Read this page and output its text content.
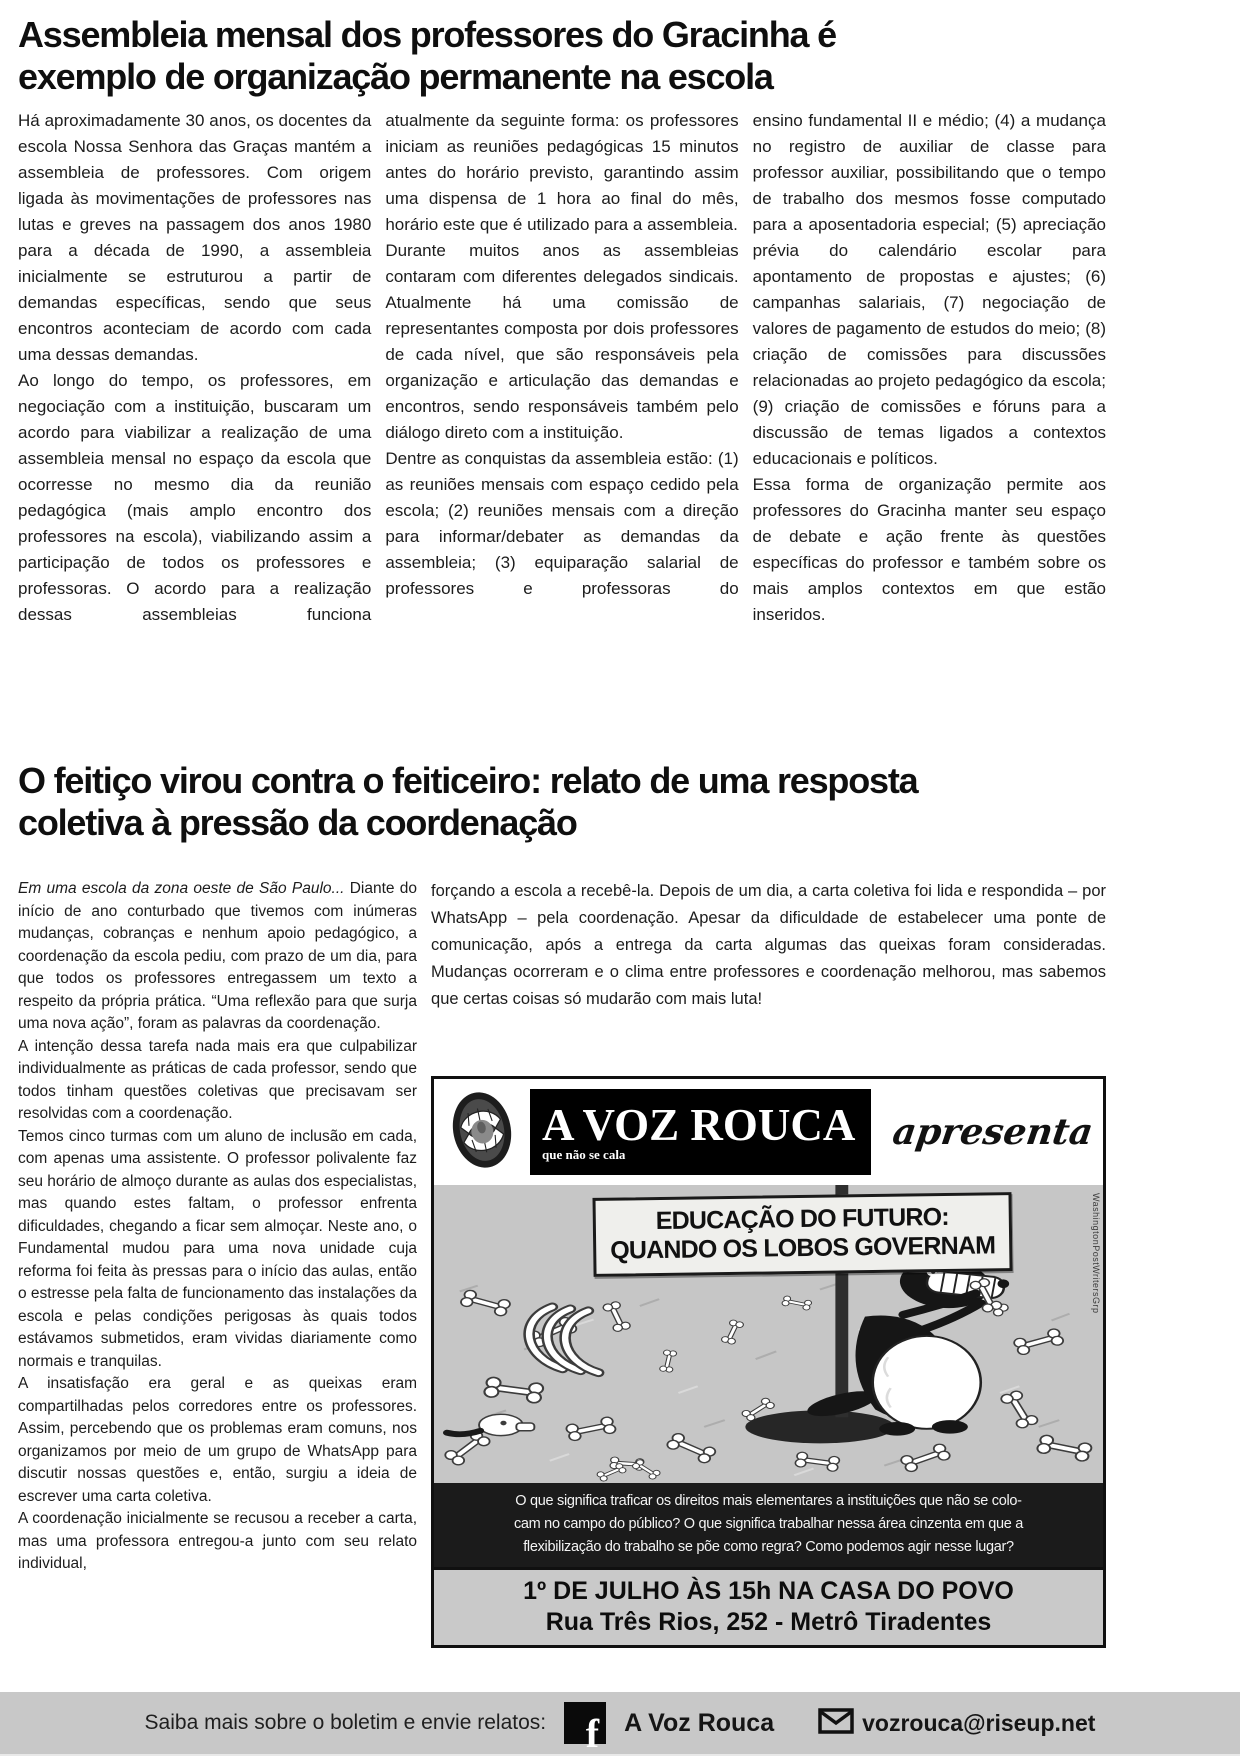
Assembleia mensal dos professores do Gracinha é
exemplo de organização permanente na escola

Há aproximadamente 30 anos, os docentes da escola Nossa Senhora das Graças mantém a assembleia de professores. Com origem ligada às movimentações de professores nas lutas e greves na passagem dos anos 1980 para a década de 1990, a assembleia inicialmente se estruturou a partir de demandas específicas, sendo que seus encontros aconteciam de acordo com cada uma dessas demandas.

Ao longo do tempo, os professores, em negociação com a instituição, buscaram um acordo para viabilizar a realização de uma assembleia mensal no espaço da escola que ocorresse no mesmo dia da reunião pedagógica (mais amplo encontro dos professores na escola), viabilizando assim a participação de todos os professores e professoras. O acordo para a realização dessas assembleias funciona

atualmente da seguinte forma: os professores iniciam as reuniões pedagógicas 15 minutos antes do horário previsto, garantindo assim uma dispensa de 1 hora ao final do mês, horário este que é utilizado para a assembleia.

Durante muitos anos as assembleias contaram com diferentes delegados sindicais. Atualmente há uma comissão de representantes composta por dois professores de cada nível, que são responsáveis pela organização e articulação das demandas e encontros, sendo responsáveis também pelo diálogo direto com a instituição.

Dentre as conquistas da assembleia estão: (1) as reuniões mensais com espaço cedido pela escola; (2) reuniões mensais com a direção para informar/debater as demandas da assembleia; (3) equiparação salarial de professores e professoras do

ensino fundamental II e médio; (4) a mudança no registro de auxiliar de classe para professor auxiliar, possibilitando que o tempo de trabalho dos mesmos fosse computado para a aposentadoria especial; (5) apreciação prévia do calendário escolar para apontamento de propostas e ajustes; (6) campanhas salariais, (7) negociação de valores de pagamento de estudos do meio; (8) criação de comissões para discussões relacionadas ao projeto pedagógico da escola; (9) criação de comissões e fóruns para a discussão de temas ligados a contextos educacionais e políticos.

Essa forma de organização permite aos professores do Gracinha manter seu espaço de debate e ação frente às questões específicas do professor e também sobre os mais amplos contextos em que estão inseridos.

O feitiço virou contra o feiticeiro: relato de uma resposta
coletiva à pressão da coordenação

Em uma escola da zona oeste de São Paulo... Diante do início de ano conturbado que tivemos com inúmeras mudanças, cobranças e nenhum apoio pedagógico, a coordenação da escola pediu, com prazo de um dia, para que todos os professores entregassem um texto a respeito da própria prática. “Uma reflexão para que surja uma nova ação”, foram as palavras da coordenação.

A intenção dessa tarefa nada mais era que culpabilizar individualmente as práticas de cada professor, sendo que todos tinham questões coletivas que precisavam ser resolvidas com a coordenação.

Temos cinco turmas com um aluno de inclusão em cada, com apenas uma assistente. O professor polivalente faz seu horário de almoço durante as aulas dos especialistas, mas quando estes faltam, o professor enfrenta dificuldades, chegando a ficar sem almoçar. Neste ano, o Fundamental mudou para uma nova unidade cuja reforma foi feita às pressas para o início das aulas, então o estresse pela falta de funcionamento das instalações da escola e pelas condições perigosas às quais todos estávamos submetidos, eram vividas diariamente como normais e tranquilas.

A insatisfação era geral e as queixas eram compartilhadas pelos corredores entre os professores. Assim, percebendo que os problemas eram comuns, nos organizamos por meio de um grupo de WhatsApp para discutir nossas questões e, então, surgiu a ideia de escrever uma carta coletiva.

A coordenação inicialmente se recusou a receber a carta, mas uma professora entregou-a junto com seu relato individual,

forçando a escola a recebê-la. Depois de um dia, a carta coletiva foi lida e respondida – por WhatsApp – pela coordenação. Apesar da dificuldade de estabelecer uma ponte de comunicação, após a entrega da carta algumas das queixas foram consideradas. Mudanças ocorreram e o clima entre professores e coordenação melhorou, mas sabemos que certas coisas só mudarão com mais luta!

A VOZ ROUCA
que não se cala
apresenta
EDUCAÇÃO DO FUTURO:
QUANDO OS LOBOS GOVERNAM	WashingtonPostWritersGrp
O que significa traficar os direitos mais elementares a instituições que não se colo-
cam no campo do público? O que significa trabalhar nessa área cinzenta em que a
flexibilização do trabalho se põe como regra? Como podemos agir nesse lugar?
1º DE JULHO ÀS 15h NA CASA DO POVO
Rua Três Rios, 252 - Metrô Tiradentes
Saiba mais sobre o boletim e envie relatos: f A Voz Rouca	vozrouca@riseup.net
